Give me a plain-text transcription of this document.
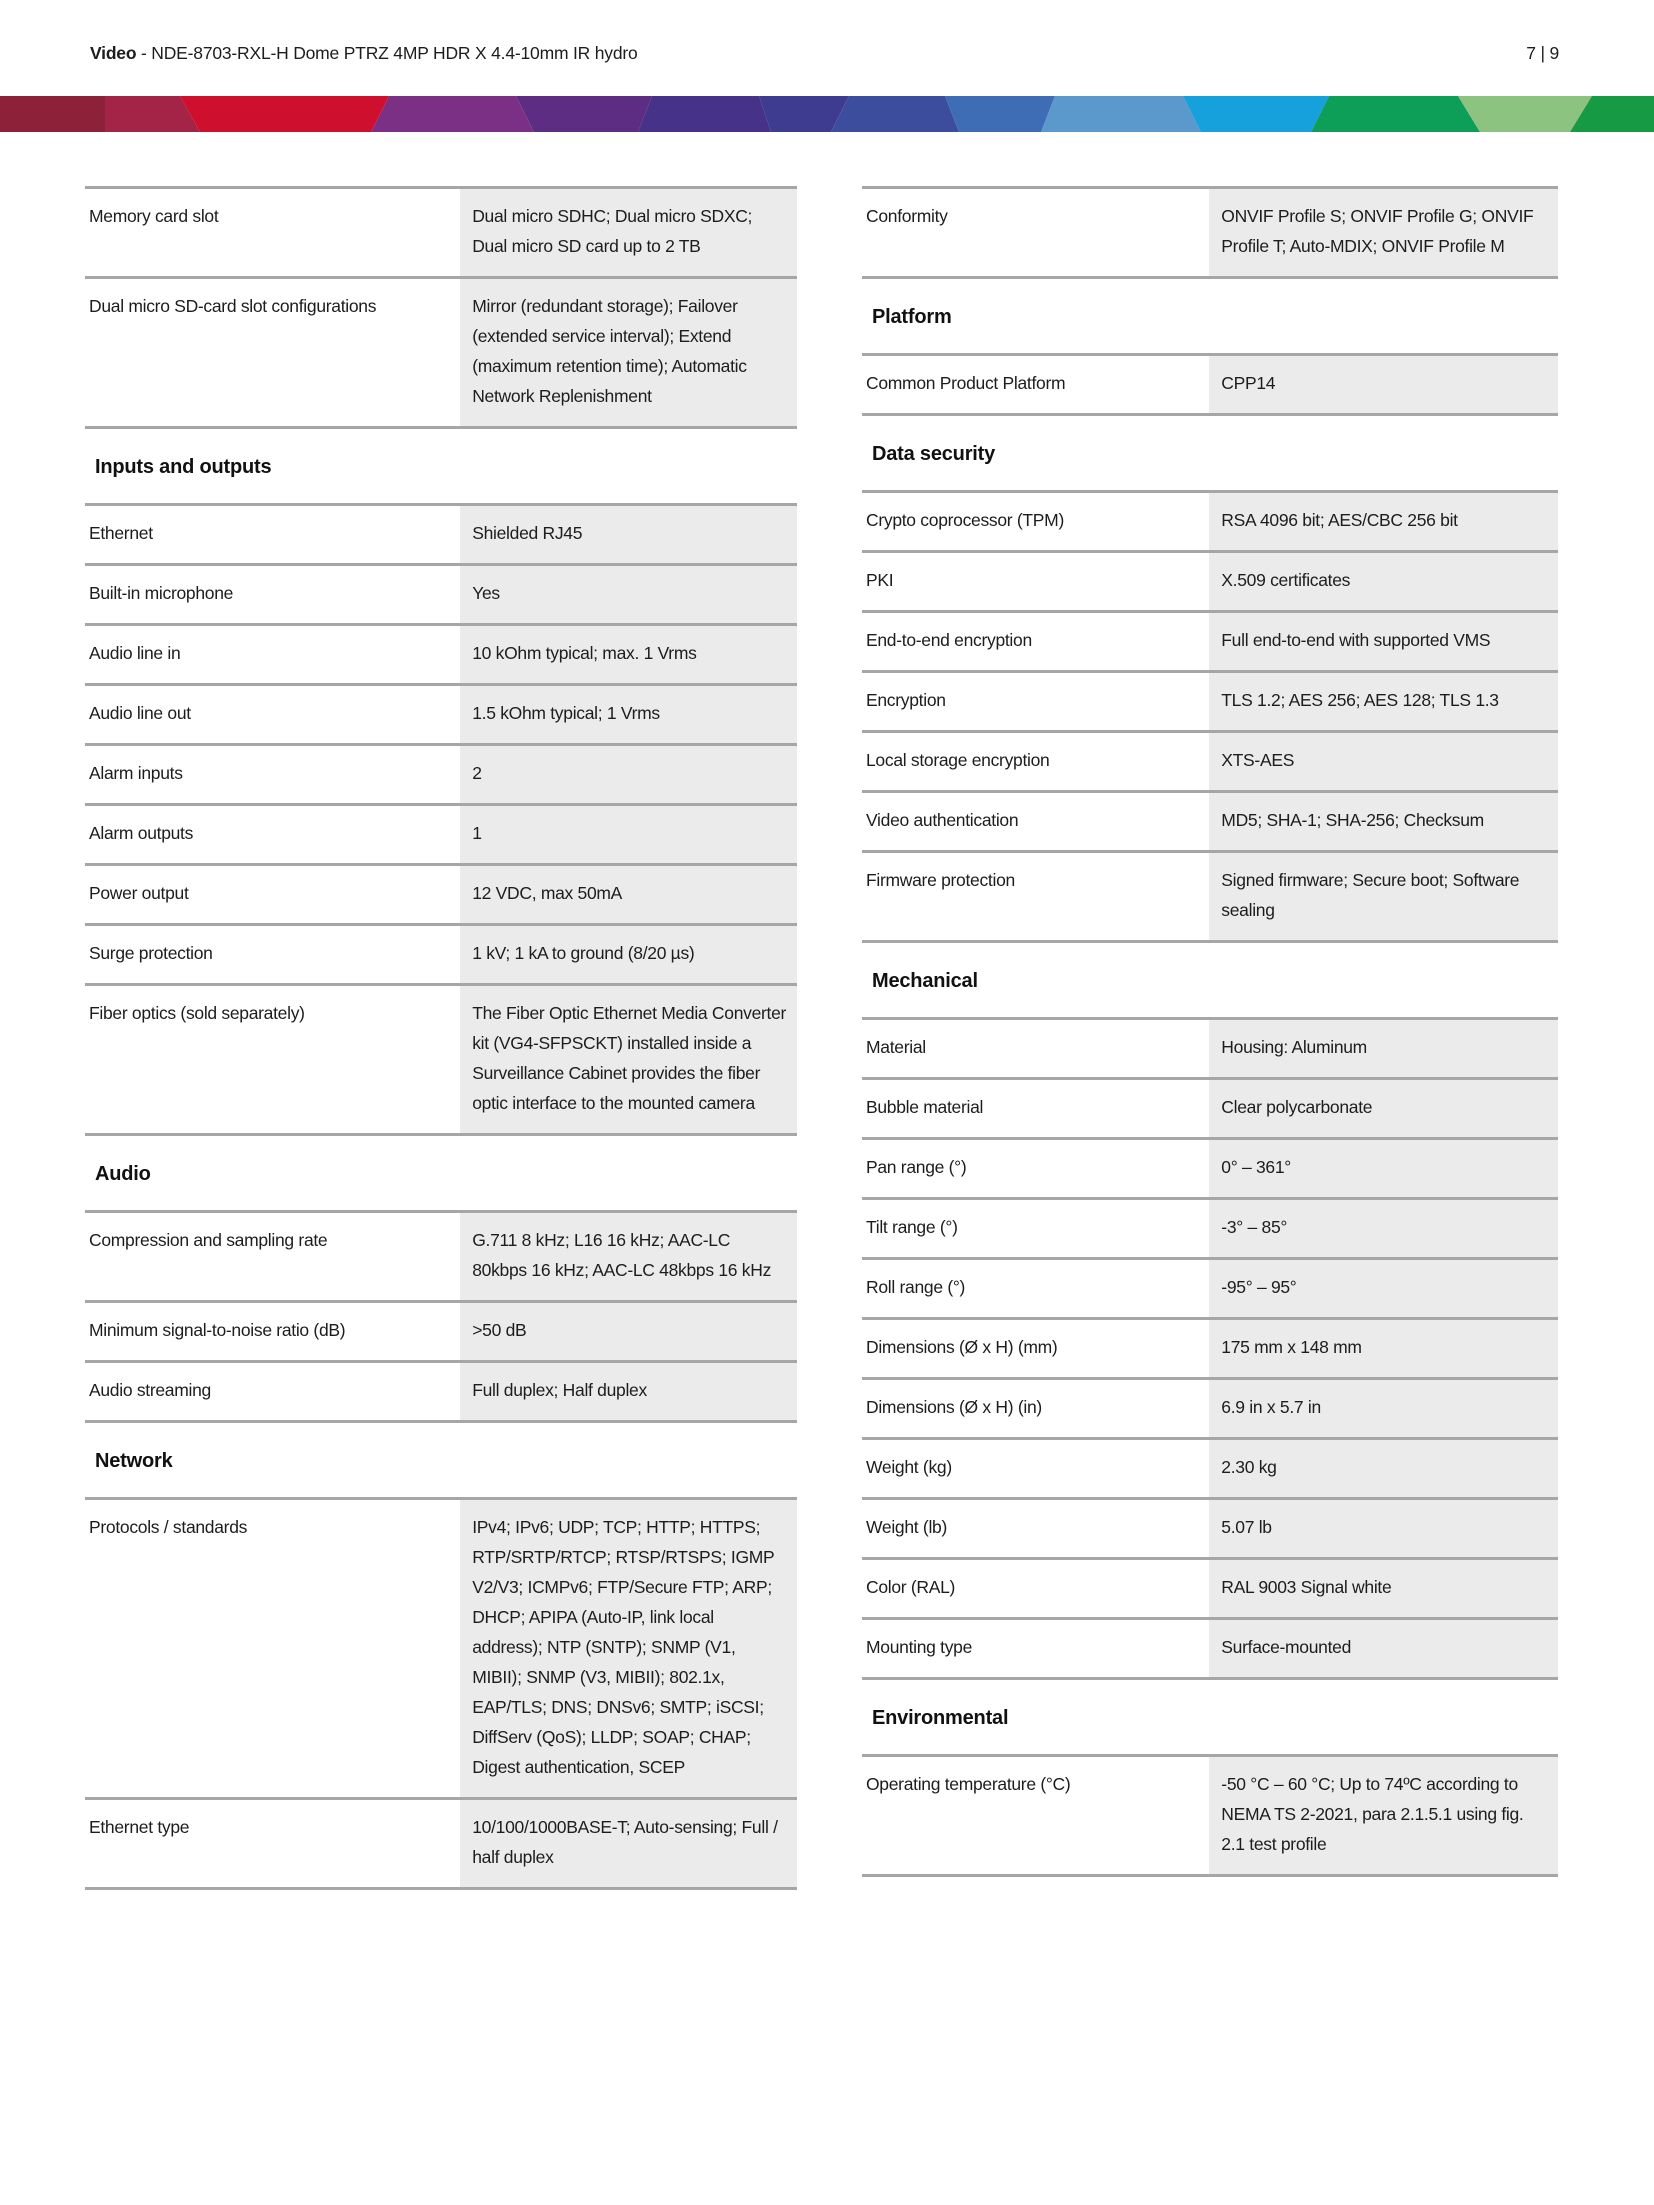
Video - NDE-8703-RXL-H Dome PTRZ 4MP HDR X 4.4-10mm IR hydro	7 | 9
Memory card slot	Dual micro SDHC; Dual micro SDXC; Dual micro SD card up to 2 TB
Dual micro SD-card slot configurations	Mirror (redundant storage); Failover (extended service interval); Extend (maximum retention time); Automatic Network Replenishment
Inputs and outputs
Ethernet	Shielded RJ45
Built-in microphone	Yes
Audio line in	10 kOhm typical; max. 1 Vrms
Audio line out	1.5 kOhm typical; 1 Vrms
Alarm inputs	2
Alarm outputs	1
Power output	12 VDC, max 50mA
Surge protection	1 kV; 1 kA to ground (8/20 µs)
Fiber optics (sold separately)	The Fiber Optic Ethernet Media Converter kit (VG4-SFPSCKT) installed inside a Surveillance Cabinet provides the fiber optic interface to the mounted camera
Audio
Compression and sampling rate	G.711 8 kHz; L16 16 kHz; AAC-LC 80kbps 16 kHz; AAC-LC 48kbps 16 kHz
Minimum signal-to-noise ratio (dB)	>50 dB
Audio streaming	Full duplex; Half duplex
Network
Protocols / standards	IPv4; IPv6; UDP; TCP; HTTP; HTTPS; RTP/SRTP/RTCP; RTSP/RTSPS; IGMP V2/V3; ICMPv6; FTP/Secure FTP; ARP; DHCP; APIPA (Auto-IP, link local address); NTP (SNTP); SNMP (V1, MIBII); SNMP (V3, MIBII); 802.1x, EAP/TLS; DNS; DNSv6; SMTP; iSCSI; DiffServ (QoS); LLDP; SOAP; CHAP; Digest authentication, SCEP
Ethernet type	10/100/1000BASE-T; Auto-sensing; Full / half duplex
Conformity	ONVIF Profile S; ONVIF Profile G; ONVIF Profile T; Auto-MDIX; ONVIF Profile M
Platform
Common Product Platform	CPP14
Data security
Crypto coprocessor (TPM)	RSA 4096 bit; AES/CBC 256 bit
PKI	X.509 certificates
End-to-end encryption	Full end-to-end with supported VMS
Encryption	TLS 1.2; AES 256; AES 128; TLS 1.3
Local storage encryption	XTS-AES
Video authentication	MD5; SHA-1; SHA-256; Checksum
Firmware protection	Signed firmware; Secure boot; Software sealing
Mechanical
Material	Housing: Aluminum
Bubble material	Clear polycarbonate
Pan range (°)	0° – 361°
Tilt range (°)	-3° – 85°
Roll range (°)	-95° – 95°
Dimensions (Ø x H) (mm)	175 mm x 148 mm
Dimensions (Ø x H) (in)	6.9 in x 5.7 in
Weight (kg)	2.30 kg
Weight (lb)	5.07 lb
Color (RAL)	RAL 9003 Signal white
Mounting type	Surface-mounted
Environmental
Operating temperature (°C)	-50 °C – 60 °C; Up to 74ºC according to NEMA TS 2-2021, para 2.1.5.1 using fig. 2.1 test profile
